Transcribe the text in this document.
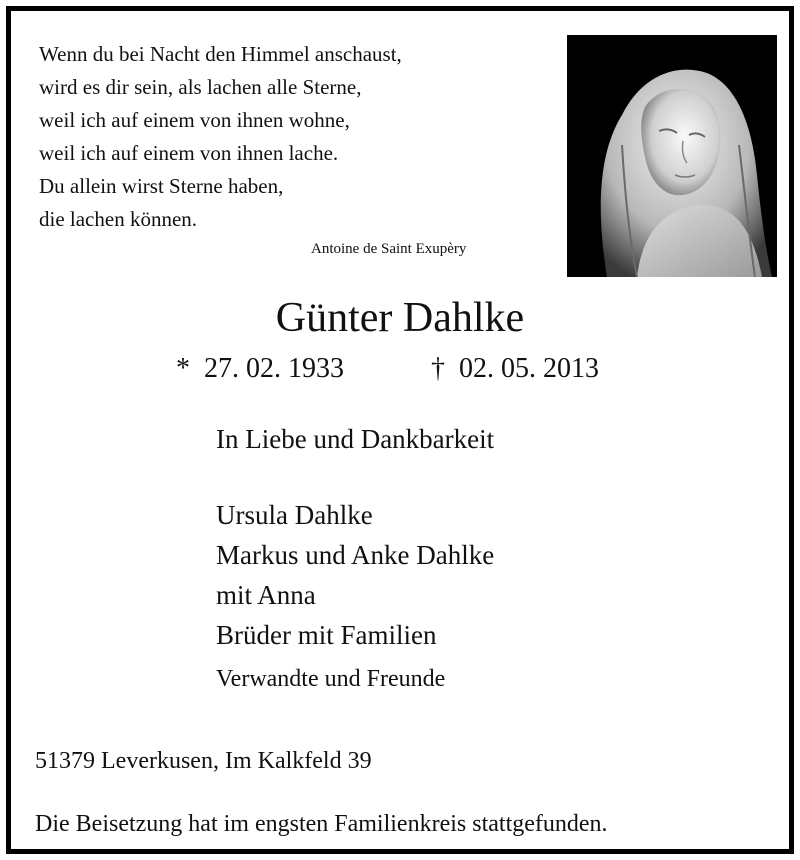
Wenn du bei Nacht den Himmel anschaust,
wird es dir sein, als lachen alle Sterne,
weil ich auf einem von ihnen wohne,
weil ich auf einem von ihnen lache.
Du allein wirst Sterne haben,
die lachen können.
Antoine de Saint Exupèry
Günter Dahlke
* 27. 02. 1933	† 02. 05. 2013
In Liebe und Dankbarkeit
Ursula Dahlke
Markus und Anke Dahlke
mit Anna
Brüder mit Familien
Verwandte und Freunde
51379 Leverkusen, Im Kalkfeld 39
Die Beisetzung hat im engsten Familienkreis stattgefunden.
